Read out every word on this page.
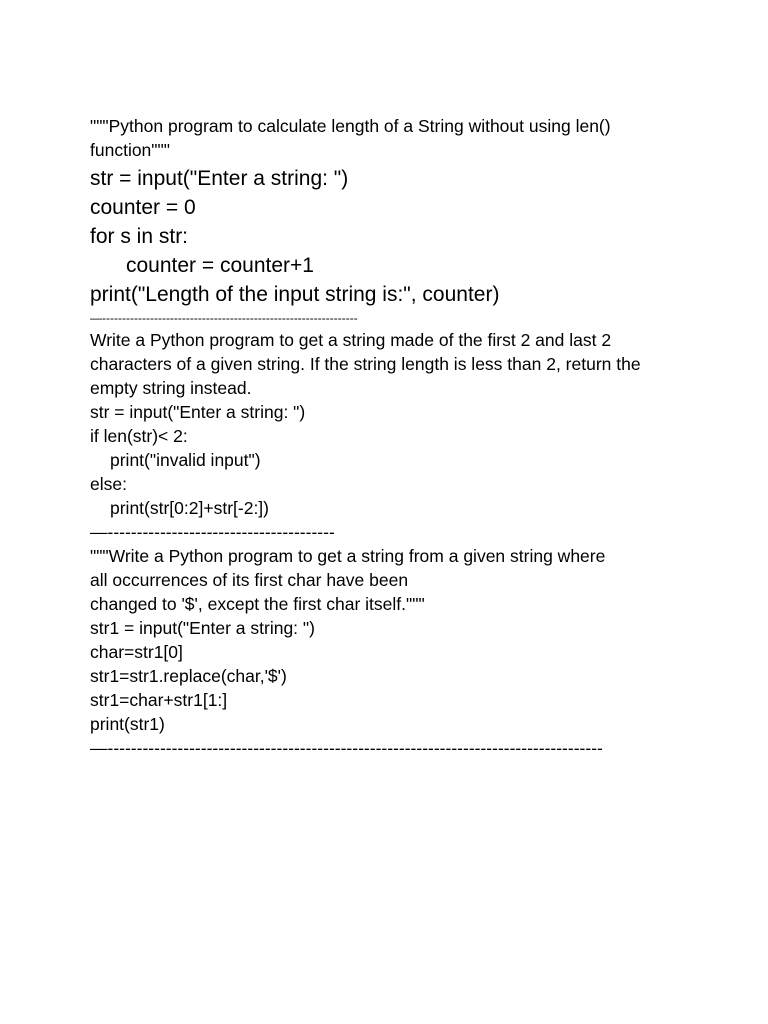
"""Python program to calculate length of a String without using len()
function"""
str = input("Enter a string: ")
counter = 0
for s in str:
counter = counter+1
print("Length of the input string is:", counter)
—----------------------------------------------------------------
Write a Python program to get a string made of the first 2 and last 2
characters of a given string. If the string length is less than 2, return the
empty string instead.
str = input("Enter a string: ")
if len(str)< 2:
print("invalid input")
else:
print(str[0:2]+str[-2:])
—---------------------------------------
"""Write a Python program to get a string from a given string where
all occurrences of its first char have been
changed to '$', except the first char itself."""
str1 = input("Enter a string: ")
char=str1[0]
str1=str1.replace(char,'$')
str1=char+str1[1:]
print(str1)
—-------------------------------------------------------------------------------------
